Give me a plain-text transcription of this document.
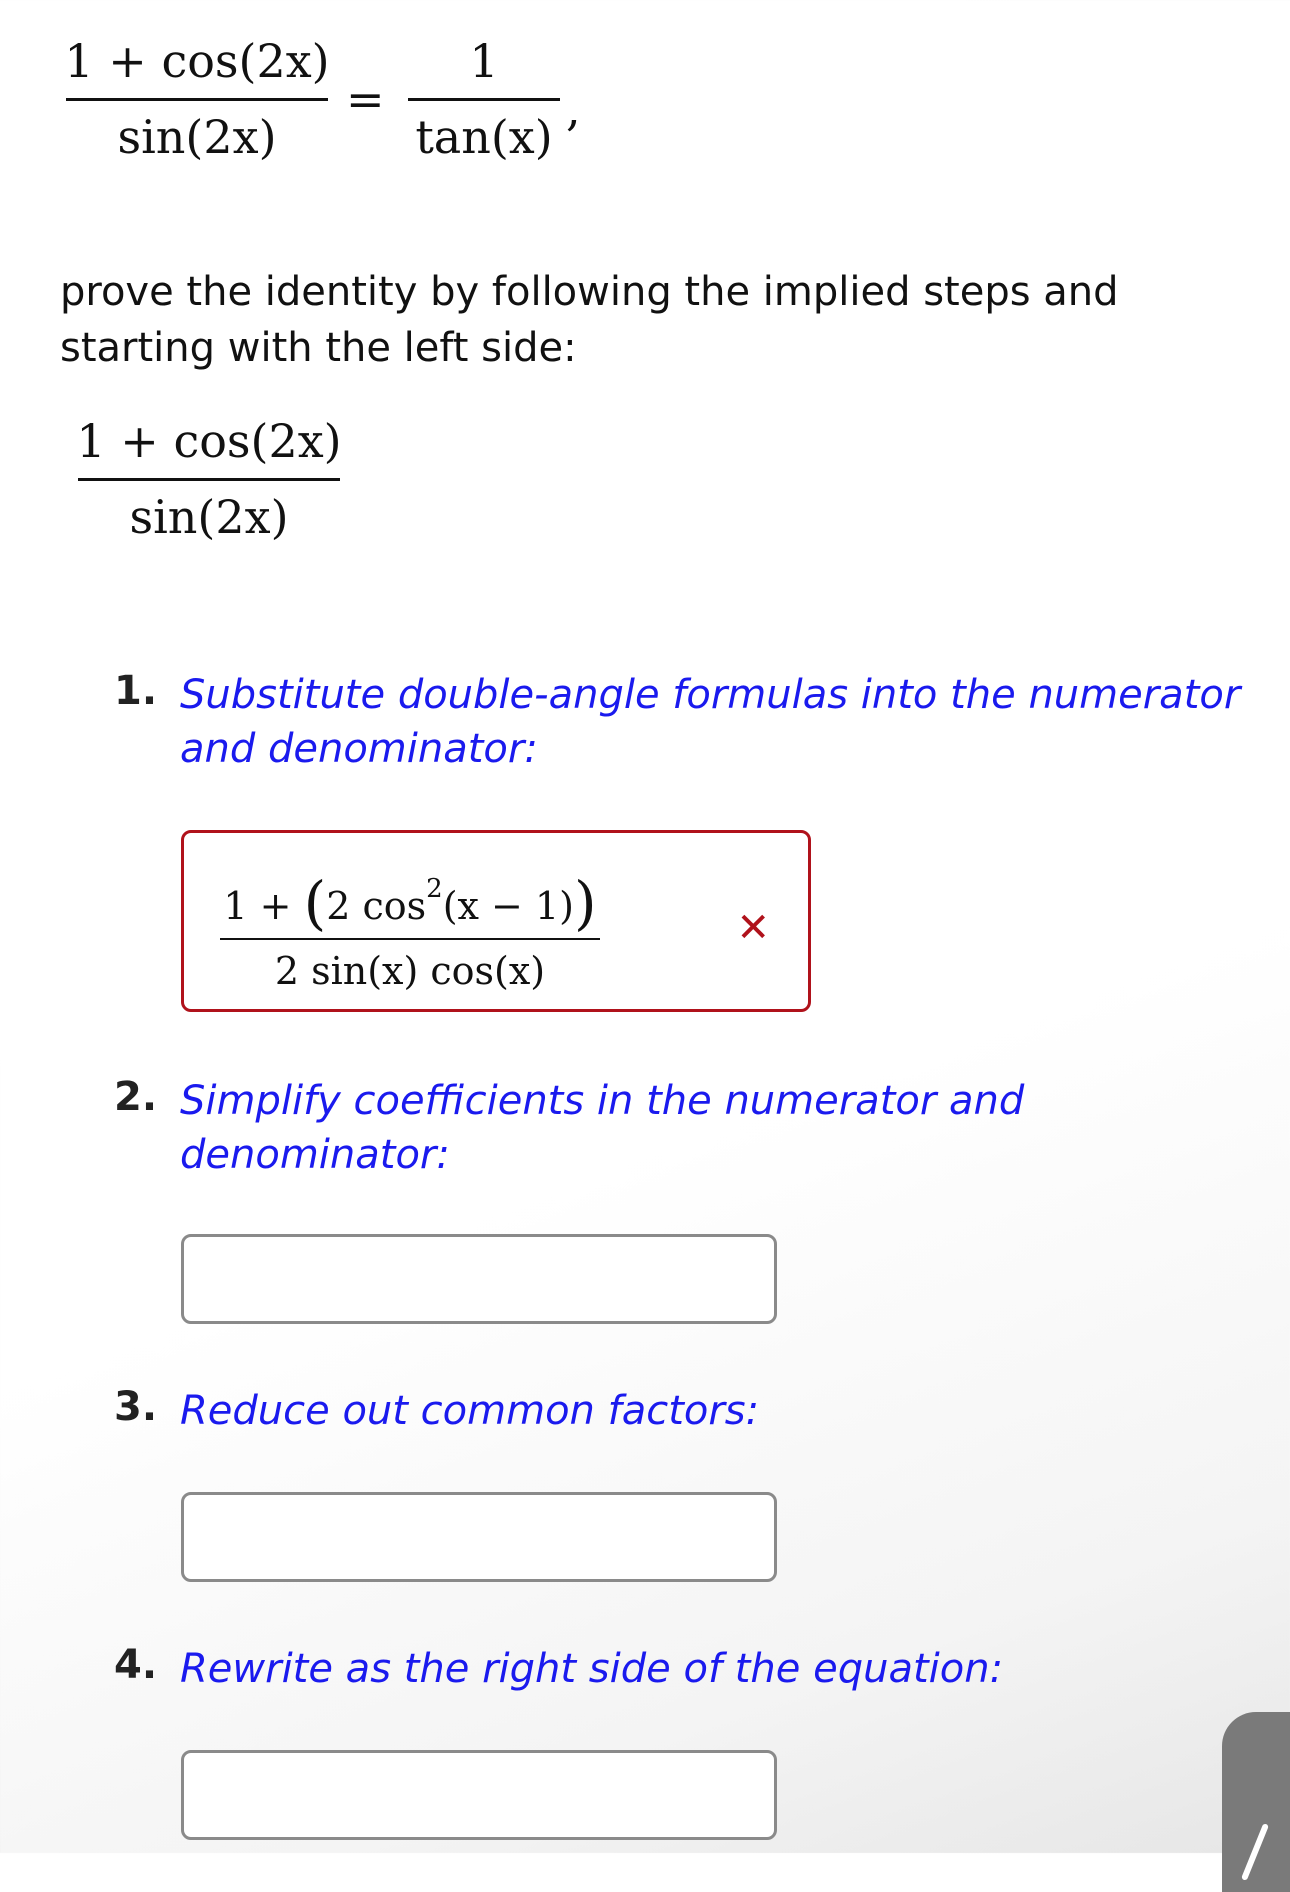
1 + cos(2x)
sin(2x)
=
1
tan(x)
,

prove the identity by following the implied steps and starting with the left side:

1 + cos(2x)
sin(2x)
1. Substitute double-angle formulas into the numerator and denominator:

1 + (2 $\cos^2(x - 1)$)
2 sin(x) cos(x)
✕
2. Simplify coefficients in the numerator and denominator:

3. Reduce out common factors:

4. Rewrite as the right side of the equation:
